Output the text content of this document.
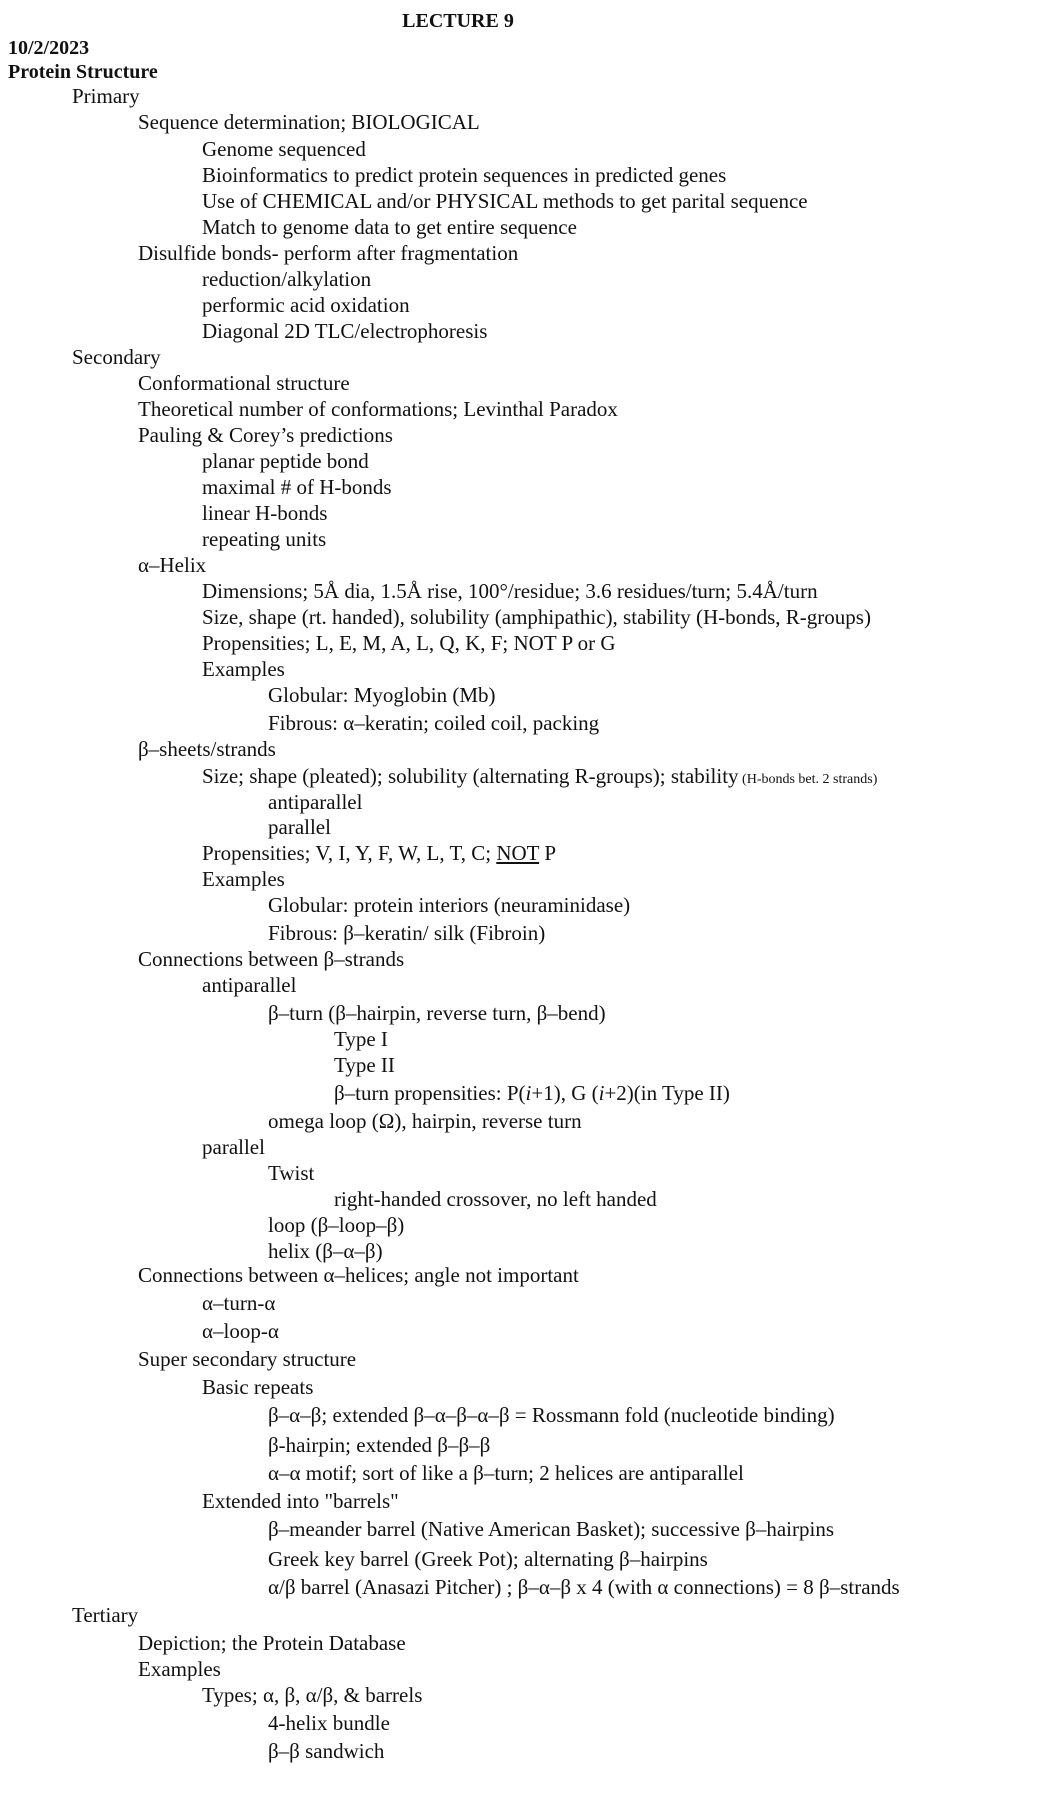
LECTURE 9
10/2/2023
Protein Structure
Primary
Sequence determination; BIOLOGICAL
Genome sequenced
Bioinformatics to predict protein sequences in predicted genes
Use of CHEMICAL and/or PHYSICAL methods to get parital sequence
Match to genome data to get entire sequence
Disulfide bonds- perform after fragmentation
reduction/alkylation
performic acid oxidation
Diagonal 2D TLC/electrophoresis
Secondary
Conformational structure
Theoretical number of conformations; Levinthal Paradox
Pauling & Corey’s predictions
planar peptide bond
maximal # of H-bonds
linear H-bonds
repeating units
α–Helix
Dimensions; 5Å dia, 1.5Å rise, 100°/residue; 3.6 residues/turn; 5.4Å/turn
Size, shape (rt. handed), solubility (amphipathic), stability (H-bonds, R-groups)
Propensities; L, E, M, A, L, Q, K, F; NOT P or G
Examples
Globular: Myoglobin (Mb)
Fibrous: α–keratin; coiled coil, packing
β–sheets/strands
Size; shape (pleated); solubility (alternating R-groups); stability (H-bonds bet. 2 strands)
antiparallel
parallel
Propensities; V, I, Y, F, W, L, T, C; NOT P
Examples
Globular: protein interiors (neuraminidase)
Fibrous: β–keratin/ silk (Fibroin)
Connections between β–strands
antiparallel
β–turn (β–hairpin, reverse turn, β–bend)
Type I
Type II
β–turn propensities: P(i+1), G (i+2)(in Type II)
omega loop (Ω), hairpin, reverse turn
parallel
Twist
right-handed crossover, no left handed
loop (β–loop–β)
helix (β–α–β)
Connections between α–helices; angle not important
α–turn-α
α–loop-α
Super secondary structure
Basic repeats
β–α–β; extended β–α–β–α–β = Rossmann fold (nucleotide binding)
β-hairpin; extended β–β–β
α–α motif; sort of like a β–turn; 2 helices are antiparallel
Extended into "barrels"
β–meander barrel (Native American Basket); successive β–hairpins
Greek key barrel (Greek Pot); alternating β–hairpins
α/β barrel (Anasazi Pitcher) ; β–α–β x 4 (with α connections) = 8 β–strands
Tertiary
Depiction; the Protein Database
Examples
Types; α, β, α/β, & barrels
4-helix bundle
β–β sandwich
